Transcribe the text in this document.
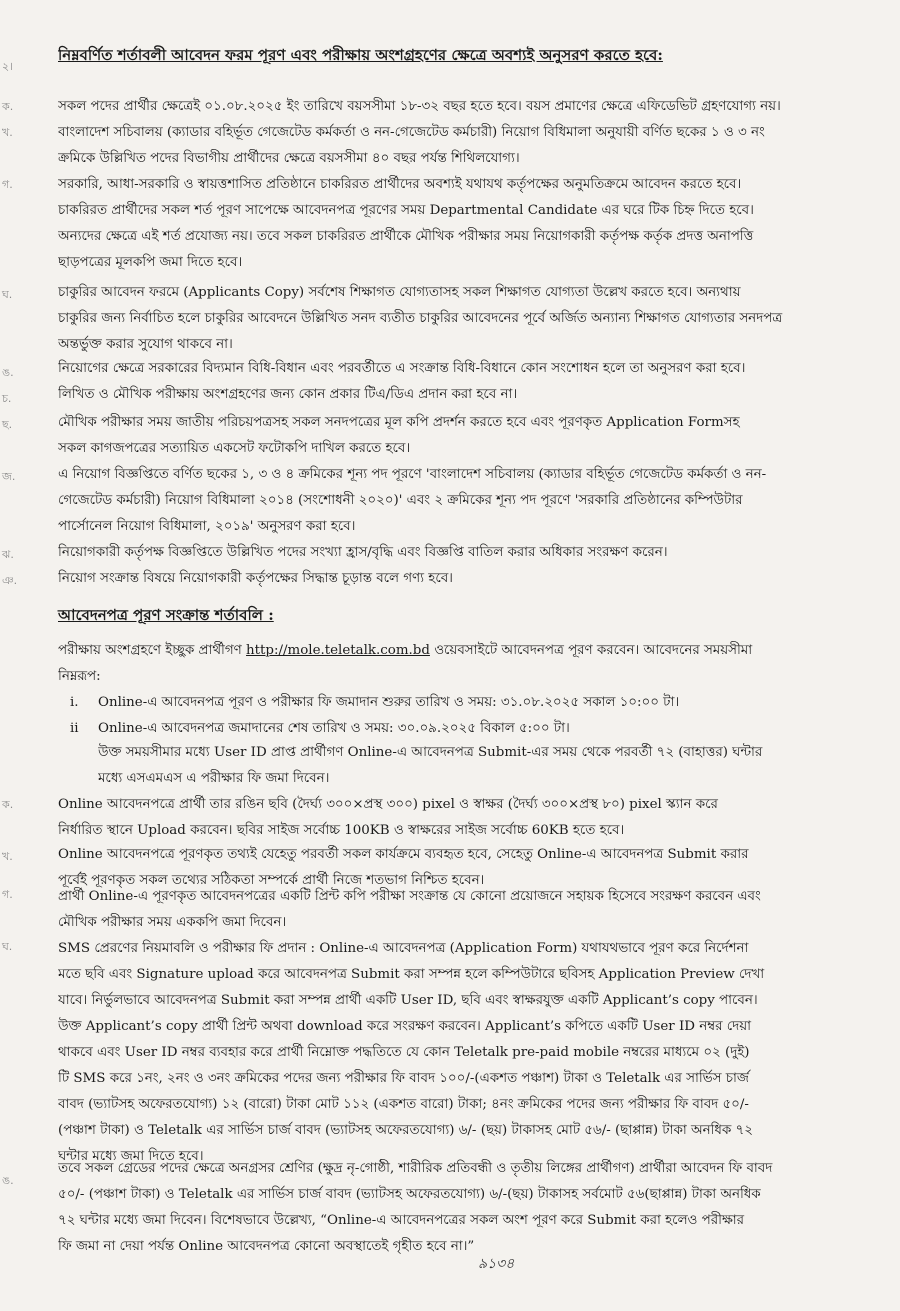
২।
ক.
খ.
গ.
ঘ.
ঙ.
চ.
ছ.
জ.
ঝ.
ঞ.
ক.
খ.
গ.
ঘ.
ঙ.
নিম্নবর্ণিত শর্তাবলী আবেদন ফরম পূরণ এবং পরীক্ষায় অংশগ্রহণের ক্ষেত্রে অবশ্যই অনুসরণ করতে হবে:
সকল পদের প্রার্থীর ক্ষেত্রেই ০১.০৮.২০২৫ ইং তারিখে বয়সসীমা ১৮-৩২ বছর হতে হবে। বয়স প্রমাণের ক্ষেত্রে এফিডেভিট গ্রহণযোগ্য নয়।
বাংলাদেশ সচিবালয় (ক্যাডার বহির্ভূত গেজেটেড কর্মকর্তা ও নন-গেজেটেড কর্মচারী) নিয়োগ বিধিমালা অনুযায়ী বর্ণিত ছকের ১ ও ৩ নং
ক্রমিকে উল্লিখিত পদের বিভাগীয় প্রার্থীদের ক্ষেত্রে বয়সসীমা ৪০ বছর পর্যন্ত শিথিলযোগ্য।
সরকারি, আধা-সরকারি ও স্বায়ত্তশাসিত প্রতিষ্ঠানে চাকরিরত প্রার্থীদের অবশ্যই যথাযথ কর্তৃপক্ষের অনুমতিক্রমে আবেদন করতে হবে।
চাকরিরত প্রার্থীদের সকল শর্ত পূরণ সাপেক্ষে আবেদনপত্র পূরণের সময় Departmental Candidate এর ঘরে টিক চিহ্ন দিতে হবে।
অন্যদের ক্ষেত্রে এই শর্ত প্রযোজ্য নয়। তবে সকল চাকরিরত প্রার্থীকে মৌখিক পরীক্ষার সময় নিয়োগকারী কর্তৃপক্ষ কর্তৃক প্রদত্ত অনাপত্তি
ছাড়পত্রের মূলকপি জমা দিতে হবে।
চাকুরির আবেদন ফরমে (Applicants Copy) সর্বশেষ শিক্ষাগত যোগ্যতাসহ সকল শিক্ষাগত যোগ্যতা উল্লেখ করতে হবে। অন্যথায়
চাকুরির জন্য নির্বাচিত হলে চাকুরির আবেদনে উল্লিখিত সনদ ব্যতীত চাকুরির আবেদনের পূর্বে অর্জিত অন্যান্য শিক্ষাগত যোগ্যতার সনদপত্র
অন্তর্ভুক্ত করার সুযোগ থাকবে না।
নিয়োগের ক্ষেত্রে সরকারের বিদ্যমান বিধি-বিধান এবং পরবর্তীতে এ সংক্রান্ত বিধি-বিধানে কোন সংশোধন হলে তা অনুসরণ করা হবে।
লিখিত ও মৌখিক পরীক্ষায় অংশগ্রহণের জন্য কোন প্রকার টিএ/ডিএ প্রদান করা হবে না।
মৌখিক পরীক্ষার সময় জাতীয় পরিচয়পত্রসহ সকল সনদপত্রের মূল কপি প্রদর্শন করতে হবে এবং পূরণকৃত Application Formসহ
সকল কাগজপত্রের সত্যায়িত একসেট ফটোকপি দাখিল করতে হবে।
এ নিয়োগ বিজ্ঞপ্তিতে বর্ণিত ছকের ১, ৩ ও ৪ ক্রমিকের শূন্য পদ পূরণে 'বাংলাদেশ সচিবালয় (ক্যাডার বহির্ভূত গেজেটেড কর্মকর্তা ও নন-
গেজেটেড কর্মচারী) নিয়োগ বিধিমালা ২০১৪ (সংশোধনী ২০২০)' এবং ২ ক্রমিকের শূন্য পদ পূরণে 'সরকারি প্রতিষ্ঠানের কম্পিউটার
পার্সোনেল নিয়োগ বিধিমালা, ২০১৯' অনুসরণ করা হবে।
নিয়োগকারী কর্তৃপক্ষ বিজ্ঞপ্তিতে উল্লিখিত পদের সংখ্যা হ্রাস/বৃদ্ধি এবং বিজ্ঞপ্তি বাতিল করার অধিকার সংরক্ষণ করেন।
নিয়োগ সংক্রান্ত বিষয়ে নিয়োগকারী কর্তৃপক্ষের সিদ্ধান্ত চূড়ান্ত বলে গণ্য হবে।
আবেদনপত্র পূরণ সংক্রান্ত শর্তাবলি :
পরীক্ষায় অংশগ্রহণে ইচ্ছুক প্রার্থীগণ http://mole.teletalk.com.bd ওয়েবসাইটে আবেদনপত্র পূরণ করবেন। আবেদনের সময়সীমা
নিম্নরূপ:
i. Online-এ আবেদনপত্র পূরণ ও পরীক্ষার ফি জমাদান শুরুর তারিখ ও সময়: ৩১.০৮.২০২৫ সকাল ১০:০০ টা।
ii Online-এ আবেদনপত্র জমাদানের শেষ তারিখ ও সময়: ৩০.০৯.২০২৫ বিকাল ৫:০০ টা।
উক্ত সময়সীমার মধ্যে User ID প্রাপ্ত প্রার্থীগণ Online-এ আবেদনপত্র Submit-এর সময় থেকে পরবর্তী ৭২ (বাহাত্তর) ঘন্টার
মধ্যে এসএমএস এ পরীক্ষার ফি জমা দিবেন।
Online আবেদনপত্রে প্রার্থী তার রঙিন ছবি (দৈর্ঘ্য ৩০০×প্রস্থ ৩০০) pixel ও স্বাক্ষর (দৈর্ঘ্য ৩০০×প্রস্থ ৮০) pixel স্ক্যান করে
নির্ধারিত স্থানে Upload করবেন। ছবির সাইজ সর্বোচ্চ 100KB ও স্বাক্ষরের সাইজ সর্বোচ্চ 60KB হতে হবে।
Online আবেদনপত্রে পূরণকৃত তথ্যই যেহেতু পরবর্তী সকল কার্যক্রমে ব্যবহৃত হবে, সেহেতু Online-এ আবেদনপত্র Submit করার
পূর্বেই পূরণকৃত সকল তথ্যের সঠিকতা সম্পর্কে প্রার্থী নিজে শতভাগ নিশ্চিত হবেন।
প্রার্থী Online-এ পূরণকৃত আবেদনপত্রের একটি প্রিন্ট কপি পরীক্ষা সংক্রান্ত যে কোনো প্রয়োজনে সহায়ক হিসেবে সংরক্ষণ করবেন এবং
মৌখিক পরীক্ষার সময় এককপি জমা দিবেন।
SMS প্রেরণের নিয়মাবলি ও পরীক্ষার ফি প্রদান : Online-এ আবেদনপত্র (Application Form) যথাযথভাবে পূরণ করে নির্দেশনা
মতে ছবি এবং Signature upload করে আবেদনপত্র Submit করা সম্পন্ন হলে কম্পিউটারে ছবিসহ Application Preview দেখা
যাবে। নির্ভুলভাবে আবেদনপত্র Submit করা সম্পন্ন প্রার্থী একটি User ID, ছবি এবং স্বাক্ষরযুক্ত একটি Applicant’s copy পাবেন।
উক্ত Applicant’s copy প্রার্থী প্রিন্ট অথবা download করে সংরক্ষণ করবেন। Applicant’s কপিতে একটি User ID নম্বর দেয়া
থাকবে এবং User ID নম্বর ব্যবহার করে প্রার্থী নিম্নোক্ত পদ্ধতিতে যে কোন Teletalk pre-paid mobile নম্বরের মাধ্যমে ০২ (দুই)
টি SMS করে ১নং, ২নং ও ৩নং ক্রমিকের পদের জন্য পরীক্ষার ফি বাবদ ১০০/-(একশত পঞ্চাশ) টাকা ও Teletalk এর সার্ভিস চার্জ
বাবদ (ভ্যাটসহ অফেরতযোগ্য) ১২ (বারো) টাকা মোট ১১২ (একশত বারো) টাকা; ৪নং ক্রমিকের পদের জন্য পরীক্ষার ফি বাবদ ৫০/-
(পঞ্চাশ টাকা) ও Teletalk এর সার্ভিস চার্জ বাবদ (ভ্যাটসহ অফেরতযোগ্য) ৬/- (ছয়) টাকাসহ মোট ৫৬/- (ছাপ্পান্ন) টাকা অনধিক ৭২
ঘন্টার মধ্যে জমা দিতে হবে।
তবে সকল গ্রেডের পদের ক্ষেত্রে অনগ্রসর শ্রেণির (ক্ষুদ্র নৃ-গোষ্ঠী, শারীরিক প্রতিবন্ধী ও তৃতীয় লিঙ্গের প্রার্থীগণ) প্রার্থীরা আবেদন ফি বাবদ
৫০/- (পঞ্চাশ টাকা) ও Teletalk এর সার্ভিস চার্জ বাবদ (ভ্যাটসহ অফেরতযোগ্য) ৬/-(ছয়) টাকাসহ সর্বমোট ৫৬(ছাপ্পান্ন) টাকা অনধিক
৭২ ঘন্টার মধ্যে জমা দিবেন। বিশেষভাবে উল্লেখ্য, “Online-এ আবেদনপত্রের সকল অংশ পূরণ করে Submit করা হলেও পরীক্ষার
ফি জমা না দেয়া পর্যন্ত Online আবেদনপত্র কোনো অবস্থাতেই গৃহীত হবে না।”
৯১৩৪
